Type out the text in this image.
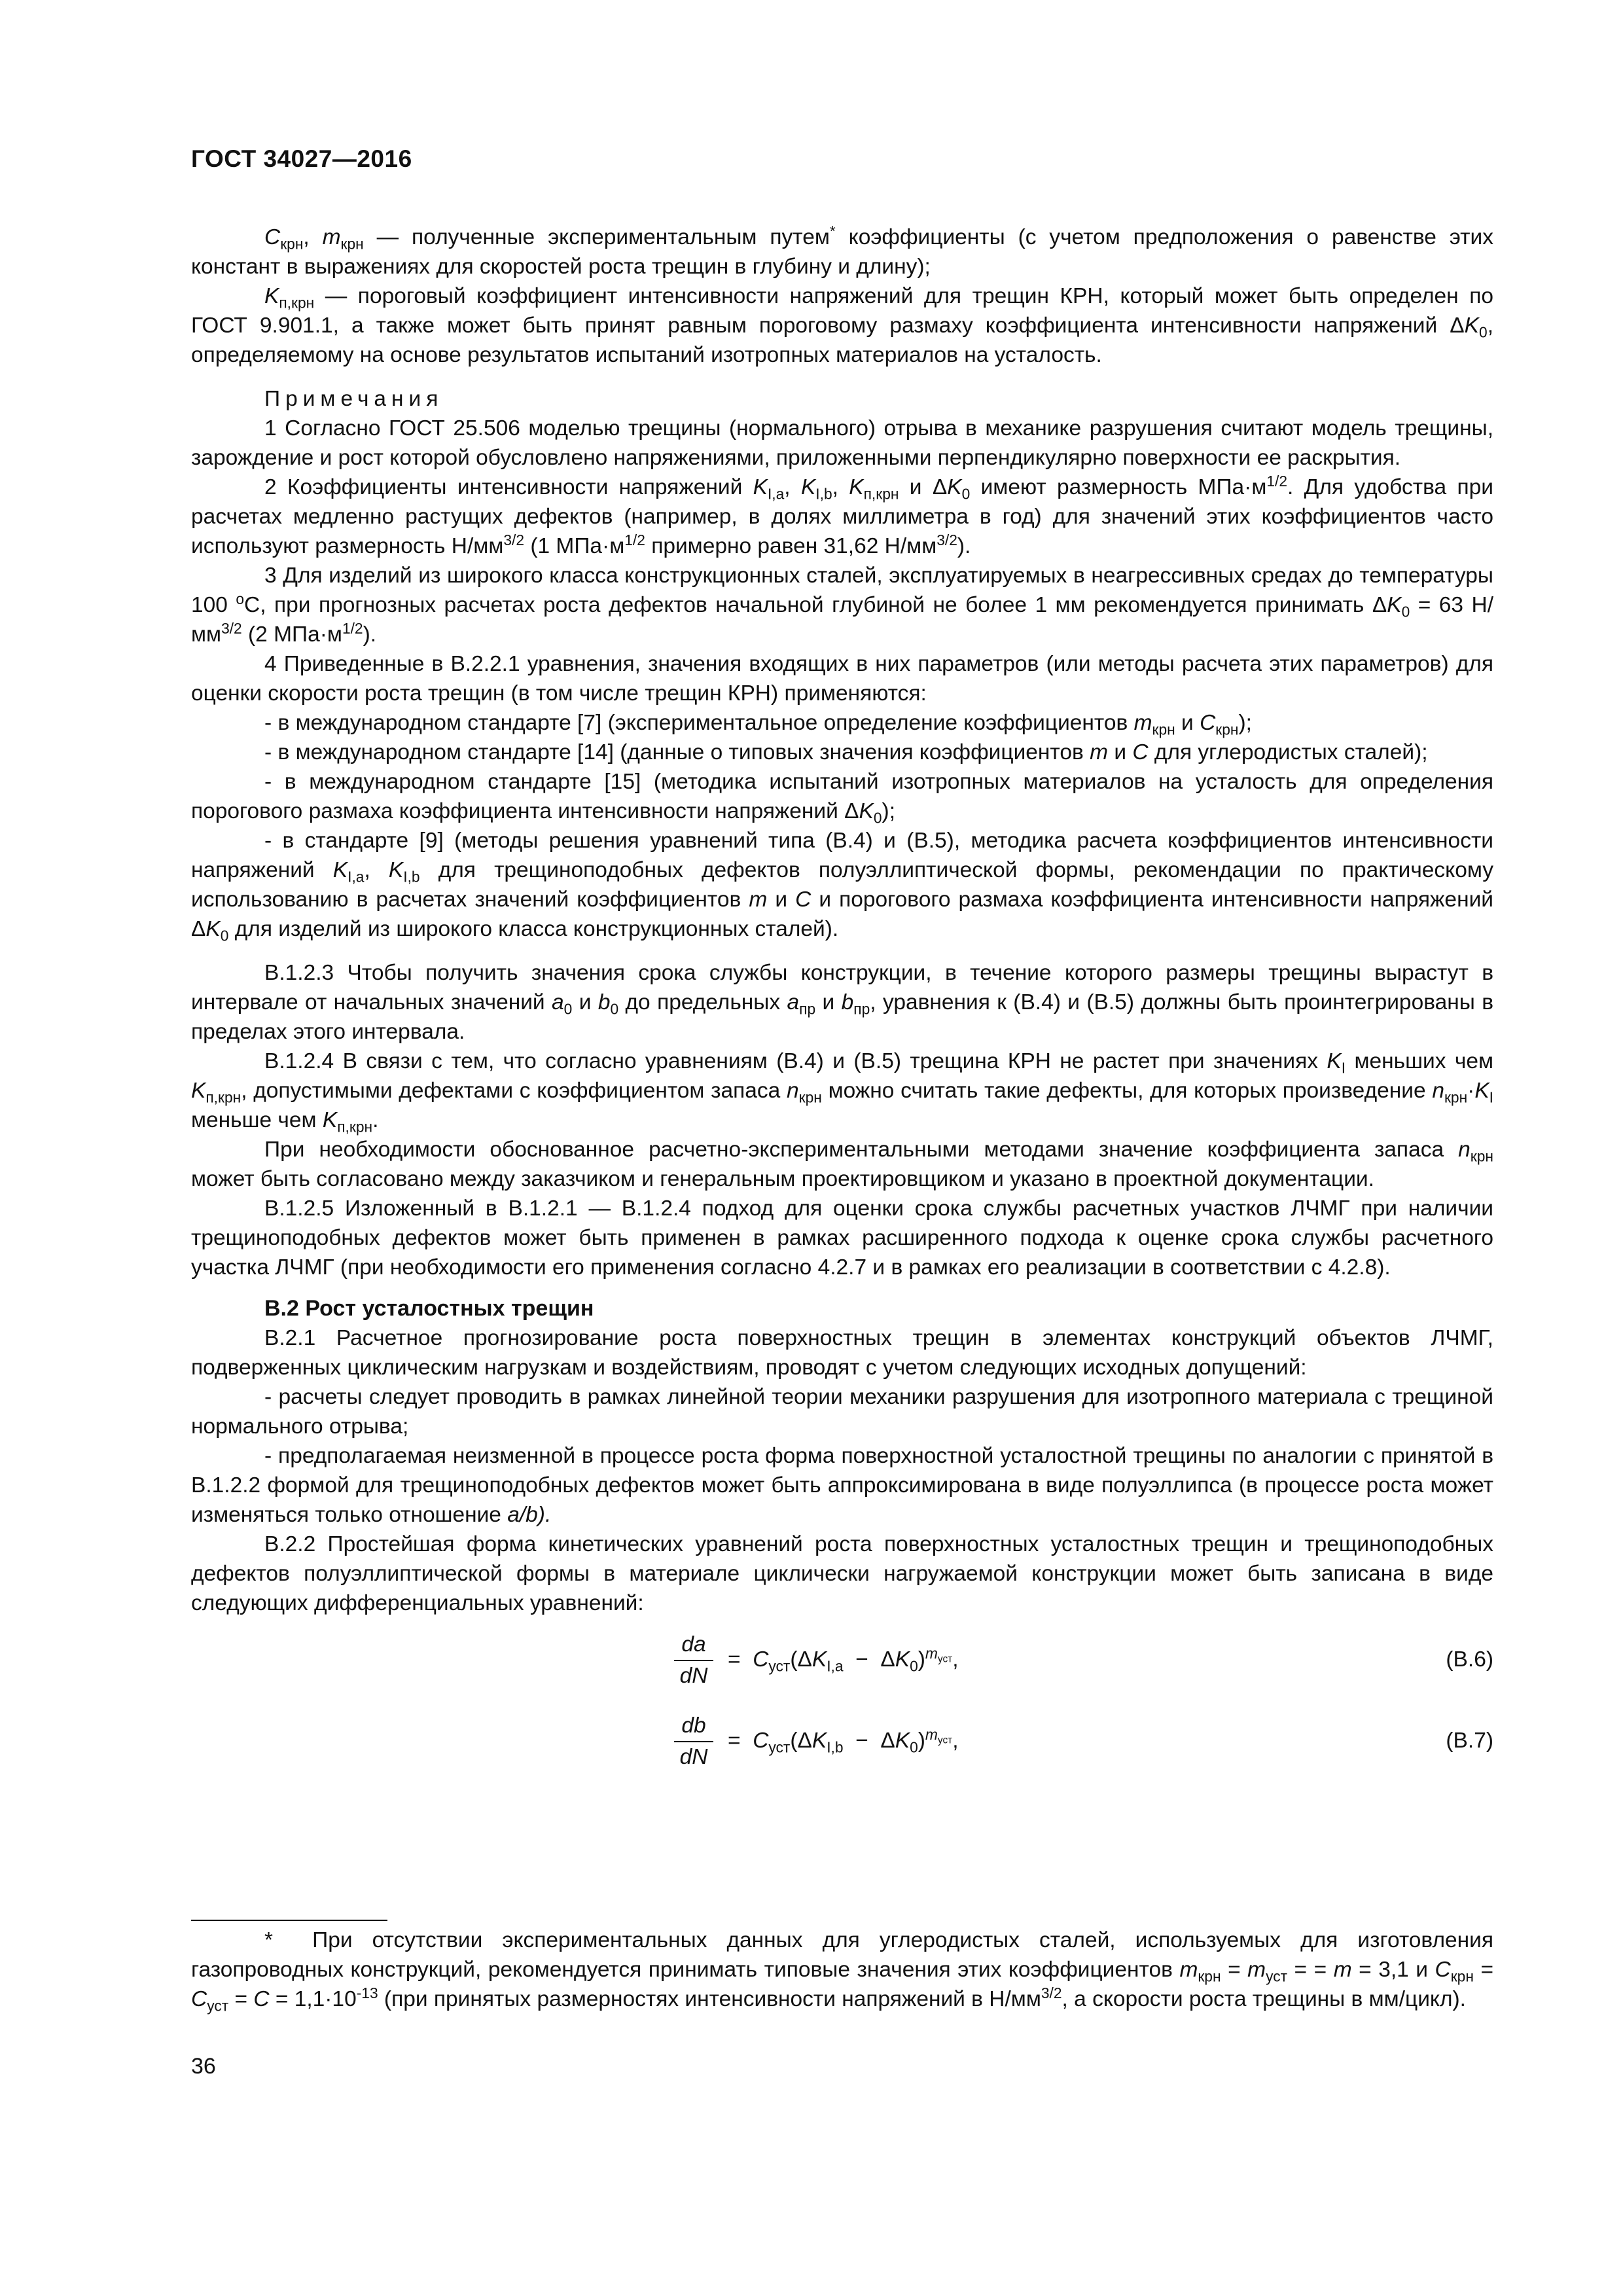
ГОСТ 34027—2016

$C_{крн}$, $m_{крн}$ — полученные экспериментальным путем* коэффициенты (с учетом предположения о равенстве этих констант в выражениях для скоростей роста трещин в глубину и длину);

$K_{п,крн}$ — пороговый коэффициент интенсивности напряжений для трещин КРН, который может быть определен по ГОСТ 9.901.1, а также может быть принят равным пороговому размаху коэффициента интенсивности напряжений $\Delta K_0$, определяемому на основе результатов испытаний изотропных материалов на усталость.

Примечания

1 Согласно ГОСТ 25.506 моделью трещины (нормального) отрыва в механике разрушения считают модель трещины, зарождение и рост которой обусловлено напряжениями, приложенными перпендикулярно поверхности ее раскрытия.

2 Коэффициенты интенсивности напряжений $K_{I,a}$, $K_{I,b}$, $K_{п,крн}$ и $\Delta K_0$ имеют размерность $МПа\cdot м^{1/2}$. Для удобства при расчетах медленно растущих дефектов (например, в долях миллиметра в год) для значений этих коэффициентов часто используют размерность $Н/мм^{3/2}$ (1 $МПа\cdot м^{1/2}$ примерно равен 31,62 $Н/мм^{3/2}$).

3 Для изделий из широкого класса конструкционных сталей, эксплуатируемых в неагрессивных средах до температуры 100 $^о$С, при прогнозных расчетах роста дефектов начальной глубиной не более 1 мм рекомендуется принимать $\Delta K_0 = 63$ $Н/мм^{3/2}$ (2 $МПа\cdot м^{1/2}$).

4 Приведенные в В.2.2.1 уравнения, значения входящих в них параметров (или методы расчета этих параметров) для оценки скорости роста трещин (в том числе трещин КРН) применяются:

- в международном стандарте [7] (экспериментальное определение коэффициентов $m_{крн}$ и $C_{крн}$);

- в международном стандарте [14] (данные о типовых значения коэффициентов m и C для углеродистых сталей);

- в международном стандарте [15] (методика испытаний изотропных материалов на усталость для определения порогового размаха коэффициента интенсивности напряжений $\Delta K_0$);

- в стандарте [9] (методы решения уравнений типа (В.4) и (В.5), методика расчета коэффициентов интенсивности напряжений $K_{I,a}$, $K_{I,b}$ для трещиноподобных дефектов полуэллиптической формы, рекомендации по практическому использованию в расчетах значений коэффициентов m и C и порогового размаха коэффициента интенсивности напряжений $\Delta K_0$ для изделий из широкого класса конструкционных сталей).

В.1.2.3 Чтобы получить значения срока службы конструкции, в течение которого размеры трещины вырастут в интервале от начальных значений $a_0$ и $b_0$ до предельных $a_{пр}$ и $b_{пр}$, уравнения к (В.4) и (В.5) должны быть проинтегрированы в пределах этого интервала.

В.1.2.4 В связи с тем, что согласно уравнениям (В.4) и (В.5) трещина КРН не растет при значениях $K_I$ меньших чем $K_{п,крн}$, допустимыми дефектами с коэффициентом запаса $n_{крн}$ можно считать такие дефекты, для которых произведение $n_{крн}\cdot K_I$ меньше чем $K_{п,крн}$.

При необходимости обоснованное расчетно-экспериментальными методами значение коэффициента запаса $n_{крн}$ может быть согласовано между заказчиком и генеральным проектировщиком и указано в проектной документации.

В.1.2.5 Изложенный в В.1.2.1 — В.1.2.4 подход для оценки срока службы расчетных участков ЛЧМГ при наличии трещиноподобных дефектов может быть применен в рамках расширенного подхода к оценке срока службы расчетного участка ЛЧМГ (при необходимости его применения согласно 4.2.7 и в рамках его реализации в соответствии с 4.2.8).

В.2 Рост усталостных трещин

В.2.1 Расчетное прогнозирование роста поверхностных трещин в элементах конструкций объектов ЛЧМГ, подверженных циклическим нагрузкам и воздействиям, проводят с учетом следующих исходных допущений:

- расчеты следует проводить в рамках линейной теории механики разрушения для изотропного материала с трещиной нормального отрыва;

- предполагаемая неизменной в процессе роста форма поверхностной усталостной трещины по аналогии с принятой в В.1.2.2 формой для трещиноподобных дефектов может быть аппроксимирована в виде полуэллипса (в процессе роста может изменяться только отношение a/b).

В.2.2 Простейшая форма кинетических уравнений роста поверхностных усталостных трещин и трещиноподобных дефектов полуэллиптической формы в материале циклически нагружаемой конструкции может быть записана в виде следующих дифференциальных уравнений:

$\frac{da}{dN} = C_{уст}(\Delta K_{I,a} - \Delta K_0)^{m_{уст}}$,	(В.6)
$\frac{db}{dN} = C_{уст}(\Delta K_{I,b} - \Delta K_0)^{m_{уст}}$,	(В.7)

*  При отсутствии экспериментальных данных для углеродистых сталей, используемых для изготовления газопроводных конструкций, рекомендуется принимать типовые значения этих коэффициентов $m_{крн} = m_{уст}$ = = m = 3,1 и $C_{крн} = C_{уст} = C = 1,1\cdot 10^{-13}$ (при принятых размерностях интенсивности напряжений в $Н/мм^{3/2}$, а скорости роста трещины в мм/цикл).

36
